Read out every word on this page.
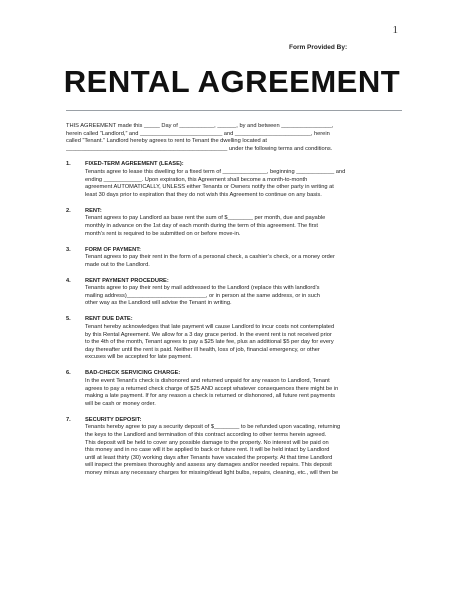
1
Form Provided By:
RENTAL AGREEMENT
THIS AGREEMENT made this _____ Day of ___________, ______, by and between ________________,
herein called “Landlord,” and __________________________ and ________________________, herein
called “Tenant.” Landlord hereby agrees to rent to Tenant the dwelling located at
___________________________________________________ under the following terms and conditions.
1.	FIXED-TERM AGREEMENT (LEASE):
Tenants agree to lease this dwelling for a fixed term of ______________, beginning ____________ and
ending ____________. Upon expiration, this Agreement shall become a month-to-month
agreement AUTOMATICALLY, UNLESS either Tenants or Owners notify the other party in writing at
least 30 days prior to expiration that they do not wish this Agreement to continue on any basis.
2.	RENT:
Tenant agrees to pay Landlord as base rent the sum of $________ per month, due and payable
monthly in advance on the 1st day of each month during the term of this agreement. The first
month’s rent is required to be submitted on or before move-in.
3.	FORM OF PAYMENT:
Tenant agrees to pay their rent in the form of a personal check, a cashier’s check, or a money order
made out to the Landlord.
4.	RENT PAYMENT PROCEDURE:
Tenants agree to pay their rent by mail addressed to the Landlord (replace this with landlord’s
mailing address)_________________________, or in person at the same address, or in such
other way as the Landlord will advise the Tenant in writing.
5.	RENT DUE DATE:
Tenant hereby acknowledges that late payment will cause Landlord to incur costs not contemplated
by this Rental Agreement. We allow for a 3 day grace period. In the event rent is not received prior
to the 4th of the month, Tenant agrees to pay a $25 late fee, plus an additional $5 per day for every
day thereafter until the rent is paid. Neither ill health, loss of job, financial emergency, or other
excuses will be accepted for late payment.
6.	BAD-CHECK SERVICING CHARGE:
In the event Tenant’s check is dishonored and returned unpaid for any reason to Landlord, Tenant
agrees to pay a returned check charge of $25 AND accept whatever consequences there might be in
making a late payment. If for any reason a check is returned or dishonored, all future rent payments
will be cash or money order.
7.	SECURITY DEPOSIT:
Tenants hereby agree to pay a security deposit of $________ to be refunded upon vacating, returning
the keys to the Landlord and termination of this contract according to other terms herein agreed.
This deposit will be held to cover any possible damage to the property. No interest will be paid on
this money and in no case will it be applied to back or future rent. It will be held intact by Landlord
until at least thirty (30) working days after Tenants have vacated the property. At that time Landlord
will inspect the premises thoroughly and assess any damages and/or needed repairs. This deposit
money minus any necessary charges for missing/dead light bulbs, repairs, cleaning, etc., will then be
